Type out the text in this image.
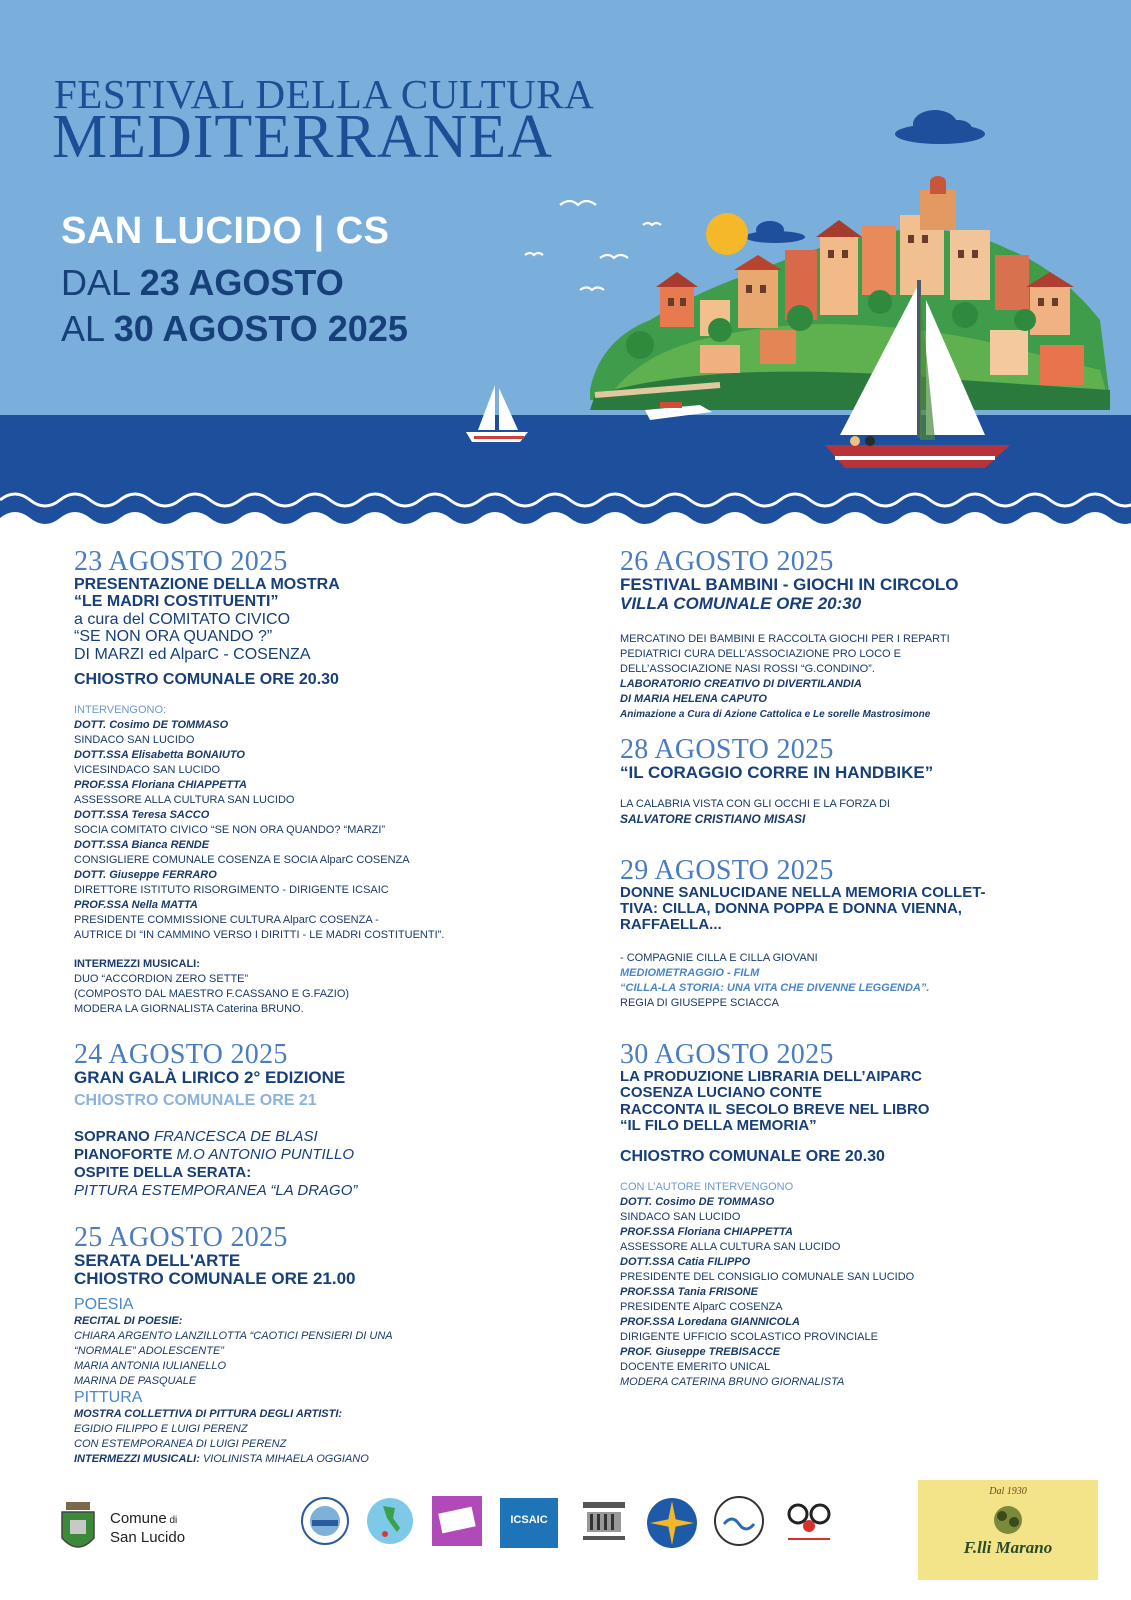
FESTIVAL DELLA CULTURA
MEDITERRANEA
SAN LUCIDO | CS
DAL 23 AGOSTO
AL 30 AGOSTO 2025
23 AGOSTO 2025
PRESENTAZIONE DELLA MOSTRA
“LE MADRI COSTITUENTI”
a cura del COMITATO CIVICO
“SE NON ORA QUANDO ?”
DI MARZI ed AlparC - COSENZA
CHIOSTRO COMUNALE ORE 20.30
INTERVENGONO:
DOTT. Cosimo DE TOMMASO
SINDACO SAN LUCIDO
DOTT.SSA Elisabetta BONAIUTO
VICESINDACO SAN LUCIDO
PROF.SSA Floriana CHIAPPETTA
ASSESSORE ALLA CULTURA SAN LUCIDO
DOTT.SSA Teresa SACCO
SOCIA COMITATO CIVICO “SE NON ORA QUANDO? “MARZI”
DOTT.SSA Bianca RENDE
CONSIGLIERE COMUNALE COSENZA E SOCIA AlparC COSENZA
DOTT. Giuseppe FERRARO
DIRETTORE ISTITUTO RISORGIMENTO - DIRIGENTE ICSAIC
PROF.SSA Nella MATTA
PRESIDENTE COMMISSIONE CULTURA AlparC COSENZA -
AUTRICE DI “IN CAMMINO VERSO I DIRITTI - LE MADRI COSTITUENTI”.
INTERMEZZI MUSICALI:
DUO “ACCORDION ZERO SETTE”
(COMPOSTO DAL MAESTRO F.CASSANO E G.FAZIO)
MODERA LA GIORNALISTA Caterina BRUNO.
24 AGOSTO 2025
GRAN GALÀ LIRICO 2° EDIZIONE
CHIOSTRO COMUNALE ORE 21
SOPRANO FRANCESCA DE BLASI
PIANOFORTE M.O ANTONIO PUNTILLO
OSPITE DELLA SERATA:
PITTURA ESTEMPORANEA “LA DRAGO”
25 AGOSTO 2025
SERATA DELL'ARTE
CHIOSTRO COMUNALE ORE 21.00
POESIA
RECITAL DI POESIE:
CHIARA ARGENTO LANZILLOTTA “CAOTICI PENSIERI DI UNA
“NORMALE” ADOLESCENTE”
MARIA ANTONIA IULIANELLO
MARINA DE PASQUALE
PITTURA
MOSTRA COLLETTIVA DI PITTURA DEGLI ARTISTI:
EGIDIO FILIPPO E LUIGI PERENZ
CON ESTEMPORANEA DI LUIGI PERENZ
INTERMEZZI MUSICALI: VIOLINISTA MIHAELA OGGIANO
26 AGOSTO 2025
FESTIVAL BAMBINI - GIOCHI IN CIRCOLO
VILLA COMUNALE ORE 20:30
MERCATINO DEI BAMBINI E RACCOLTA GIOCHI PER I REPARTI
PEDIATRICI CURA DELL’ASSOCIAZIONE PRO LOCO E
DELL’ASSOCIAZIONE NASI ROSSI “G.CONDINO”.
LABORATORIO CREATIVO DI DIVERTILANDIA
DI MARIA HELENA CAPUTO
Animazione a Cura di Azione Cattolica e Le sorelle Mastrosimone
28 AGOSTO 2025
“IL CORAGGIO CORRE IN HANDBIKE”
LA CALABRIA VISTA CON GLI OCCHI E LA FORZA DI
SALVATORE CRISTIANO MISASI
29 AGOSTO 2025
DONNE SANLUCIDANE NELLA MEMORIA COLLET-
TIVA: CILLA, DONNA POPPA E DONNA VIENNA,
RAFFAELLA...
- COMPAGNIE CILLA E CILLA GIOVANI
MEDIOMETRAGGIO - FILM
“CILLA-LA STORIA: UNA VITA CHE DIVENNE LEGGENDA”.
REGIA DI GIUSEPPE SCIACCA
30 AGOSTO 2025
LA PRODUZIONE LIBRARIA DELL’AIPARC
COSENZA LUCIANO CONTE
RACCONTA IL SECOLO BREVE NEL LIBRO
“IL FILO DELLA MEMORIA”
CHIOSTRO COMUNALE ORE 20.30
CON L’AUTORE INTERVENGONO
DOTT. Cosimo DE TOMMASO
SINDACO SAN LUCIDO
PROF.SSA Floriana CHIAPPETTA
ASSESSORE ALLA CULTURA SAN LUCIDO
DOTT.SSA Catia FILIPPO
PRESIDENTE DEL CONSIGLIO COMUNALE SAN LUCIDO
PROF.SSA Tania FRISONE
PRESIDENTE AlparC COSENZA
PROF.SSA Loredana GIANNICOLA
DIRIGENTE UFFICIO SCOLASTICO PROVINCIALE
PROF. Giuseppe TREBISACCE
DOCENTE EMERITO UNICAL
MODERA CATERINA BRUNO GIORNALISTA
Comune di
San Lucido
ICSAIC
Dal 1930
F.lli Marano
